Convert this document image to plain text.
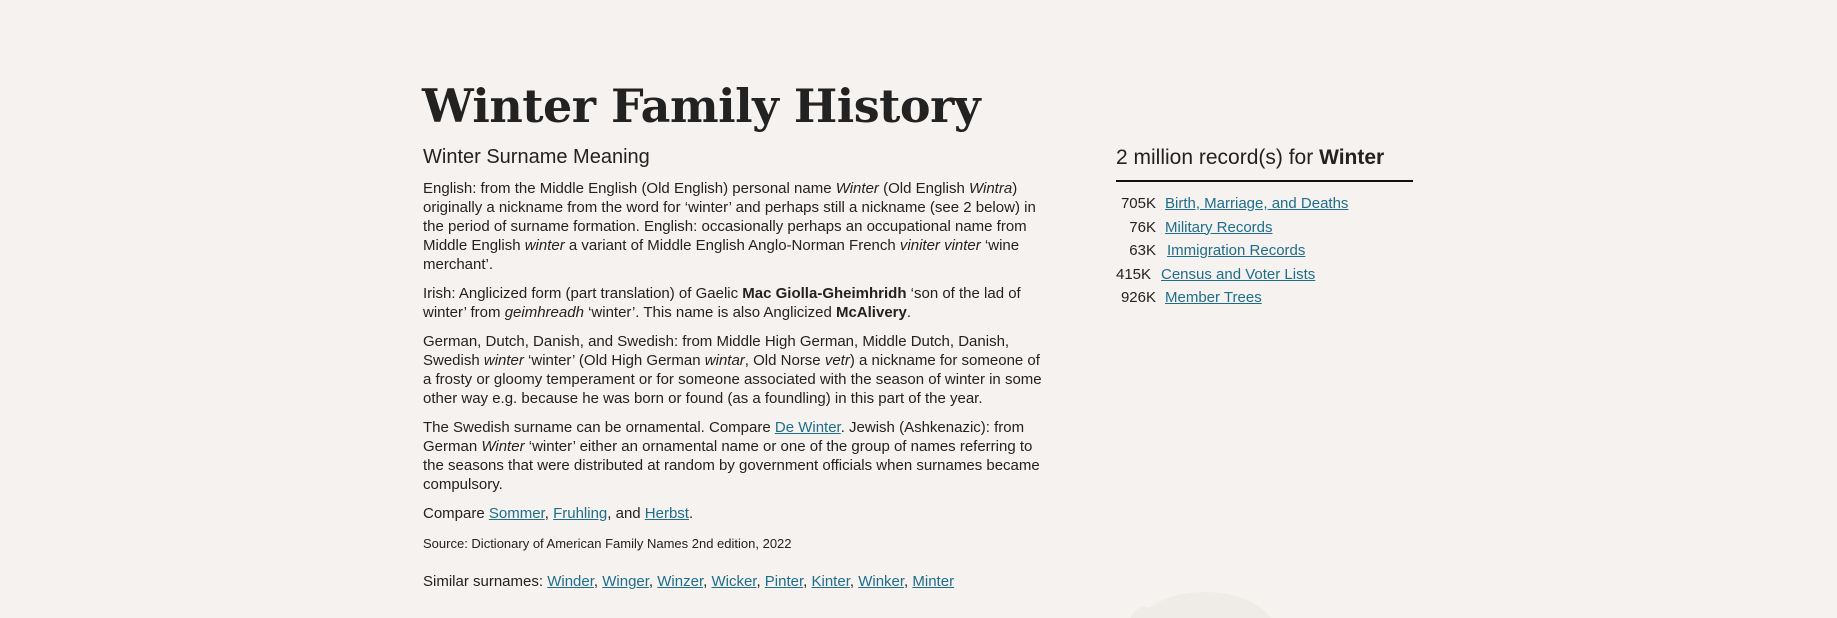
Winter Family History
Winter Surname Meaning

English: from the Middle English (Old English) personal name Winter (Old English Wintra) originally a nickname from the word for ‘winter’ and perhaps still a nickname (see 2 below) in the period of surname formation. English: occasionally perhaps an occupational name from Middle English winter a variant of Middle English Anglo-Norman French viniter vinter ‘wine merchant’.

Irish: Anglicized form (part translation) of Gaelic Mac Giolla-Gheimhridh ‘son of the lad of winter’ from geimhreadh ‘winter’. This name is also Anglicized McAlivery.

German, Dutch, Danish, and Swedish: from Middle High German, Middle Dutch, Danish, Swedish winter ‘winter’ (Old High German wintar, Old Norse vetr) a nickname for someone of a frosty or gloomy temperament or for someone associated with the season of winter in some other way e.g. because he was born or found (as a foundling) in this part of the year.

The Swedish surname can be ornamental. Compare De Winter. Jewish (Ashkenazic): from German Winter ‘winter’ either an ornamental name or one of the group of names referring to the seasons that were distributed at random by government officials when surnames became compulsory.

Compare Sommer, Fruhling, and Herbst.

Source: Dictionary of American Family Names 2nd edition, 2022

Similar surnames: Winder, Winger, Winzer, Wicker, Pinter, Kinter, Winker, Minter

2 million record(s) for Winter
705K Birth, Marriage, and Deaths
76K Military Records
63K Immigration Records
415K Census and Voter Lists
926K Member Trees
